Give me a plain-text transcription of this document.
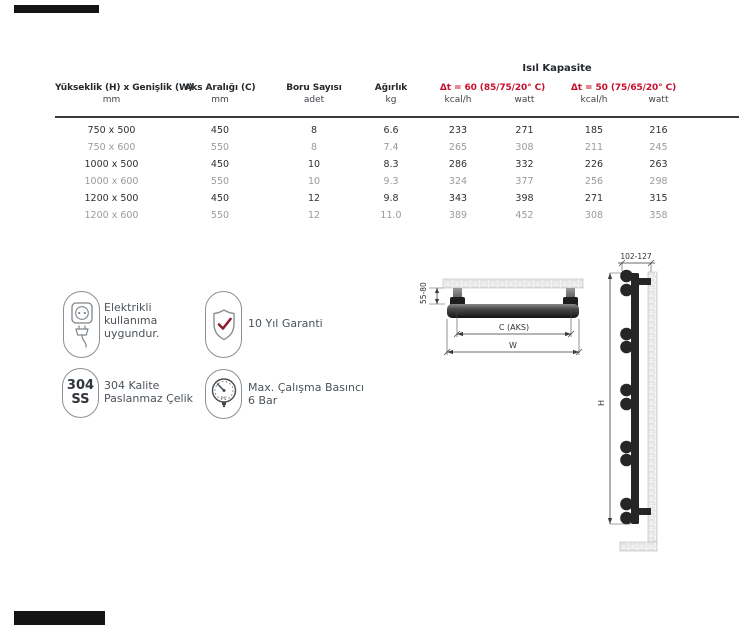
				Isıl Kapasite			
Yükseklik (H) x Genişlik (W)	Aks Aralığı (C)	Boru Sayısı	Ağırlık	Δt = 60 (85/75/20° C)		Δt = 50 (75/65/20° C)	
mm	mm	adet	kg	kcal/h	watt	kcal/h	watt
750 x 500	450	8	6.6	233	271	185	216
750 x 600	550	8	7.4	265	308	211	245
1000 x 500	450	10	8.3	286	332	226	263
1000 x 600	550	10	9.3	324	377	256	298
1200 x 500	450	12	9.8	343	398	271	315
1200 x 600	550	12	11.0	389	452	308	358
Elektrikli
kullanıma
uygundur.
10 Yıl Garanti
304
SS
304 Kalite
Paslanmaz Çelik	bar
Max. Çalışma Basıncı
6 Bar
55-80
C (AKS)
W
102-127
H
